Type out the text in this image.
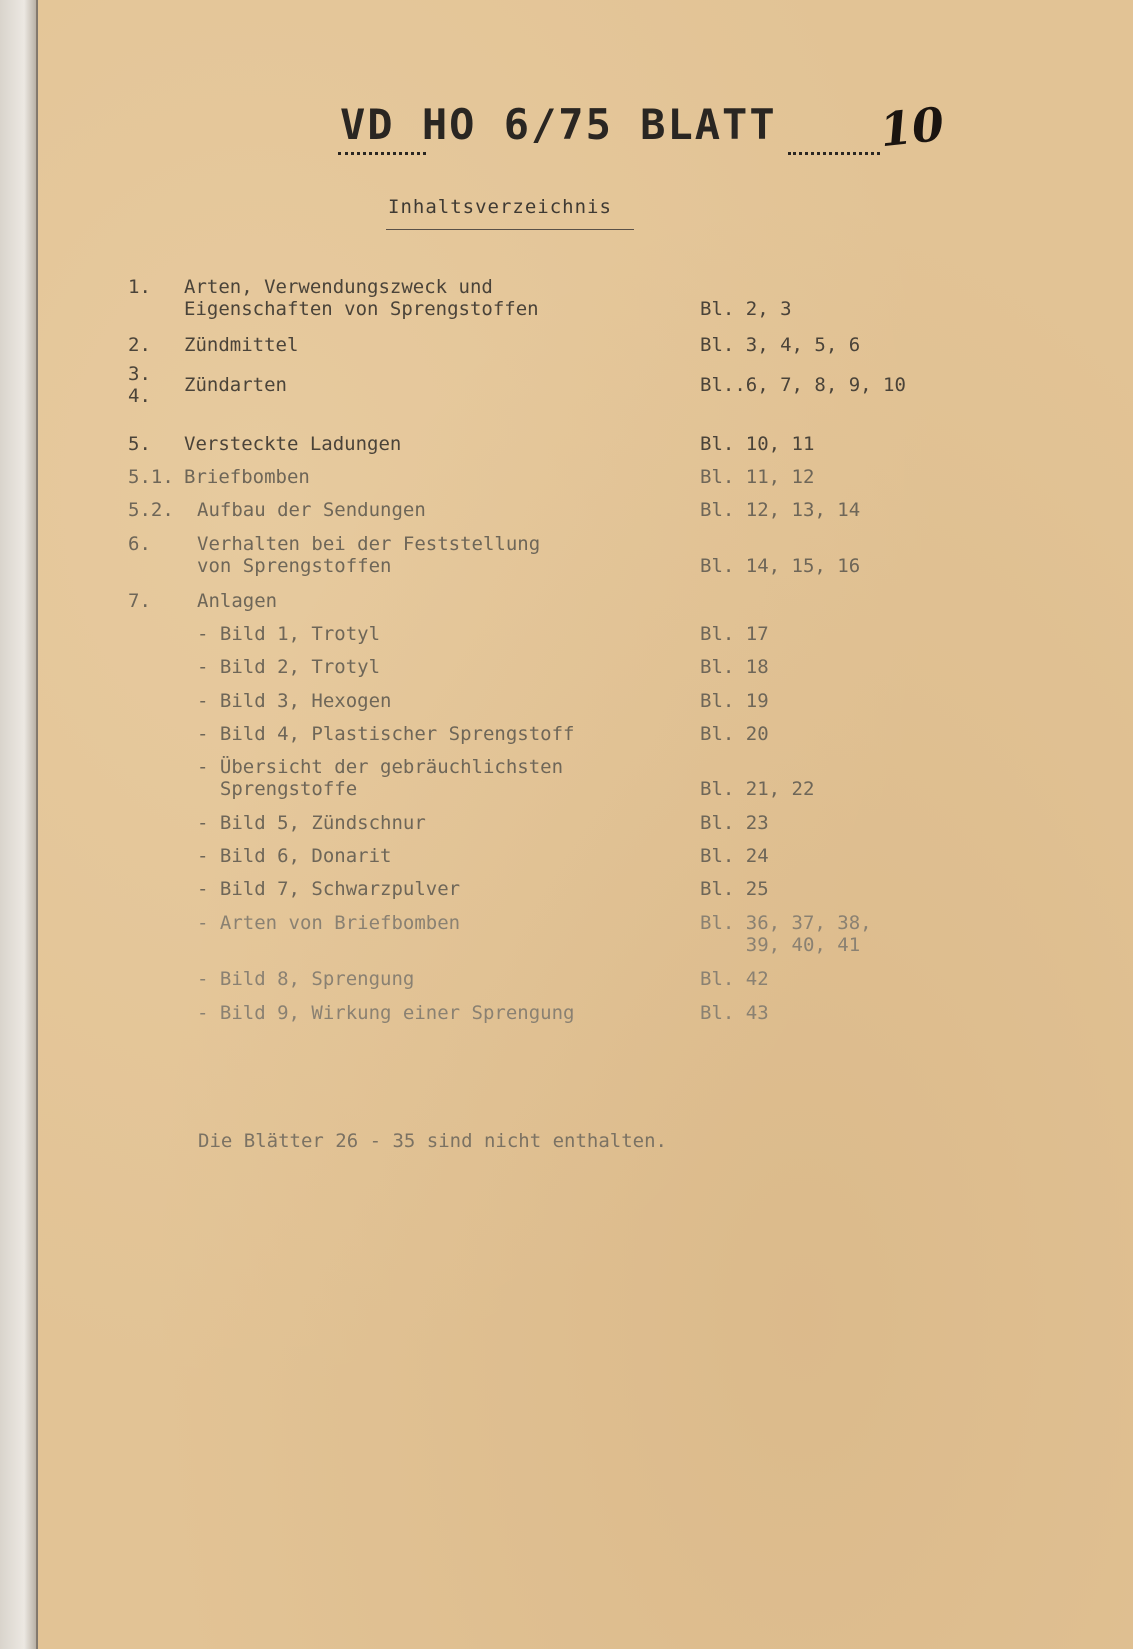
VD HO 6/75 BLATT 10
Inhaltsverzeichnis
1. Arten, Verwendungszweck und
Eigenschaften von Sprengstoffen	Bl. 2, 3
2. Zündmittel	Bl. 3, 4, 5, 6
3.
4. Zündarten	Bl..6, 7, 8, 9, 10
5. Versteckte Ladungen	Bl. 10, 11
5.1. Briefbomben	Bl. 11, 12
5.2. Aufbau der Sendungen	Bl. 12, 13, 14
6. Verhalten bei der Feststellung
von Sprengstoffen	Bl. 14, 15, 16
7. Anlagen
- Bild 1, Trotyl	Bl. 17
- Bild 2, Trotyl	Bl. 18
- Bild 3, Hexogen	Bl. 19
- Bild 4, Plastischer Sprengstoff	Bl. 20
- Übersicht der gebräuchlichsten
Sprengstoffe	Bl. 21, 22
- Bild 5, Zündschnur	Bl. 23
- Bild 6, Donarit	Bl. 24
- Bild 7, Schwarzpulver	Bl. 25
- Arten von Briefbomben	Bl. 36, 37, 38,
39, 40, 41
- Bild 8, Sprengung	Bl. 42
- Bild 9, Wirkung einer Sprengung	Bl. 43
Die Blätter 26 - 35 sind nicht enthalten.
